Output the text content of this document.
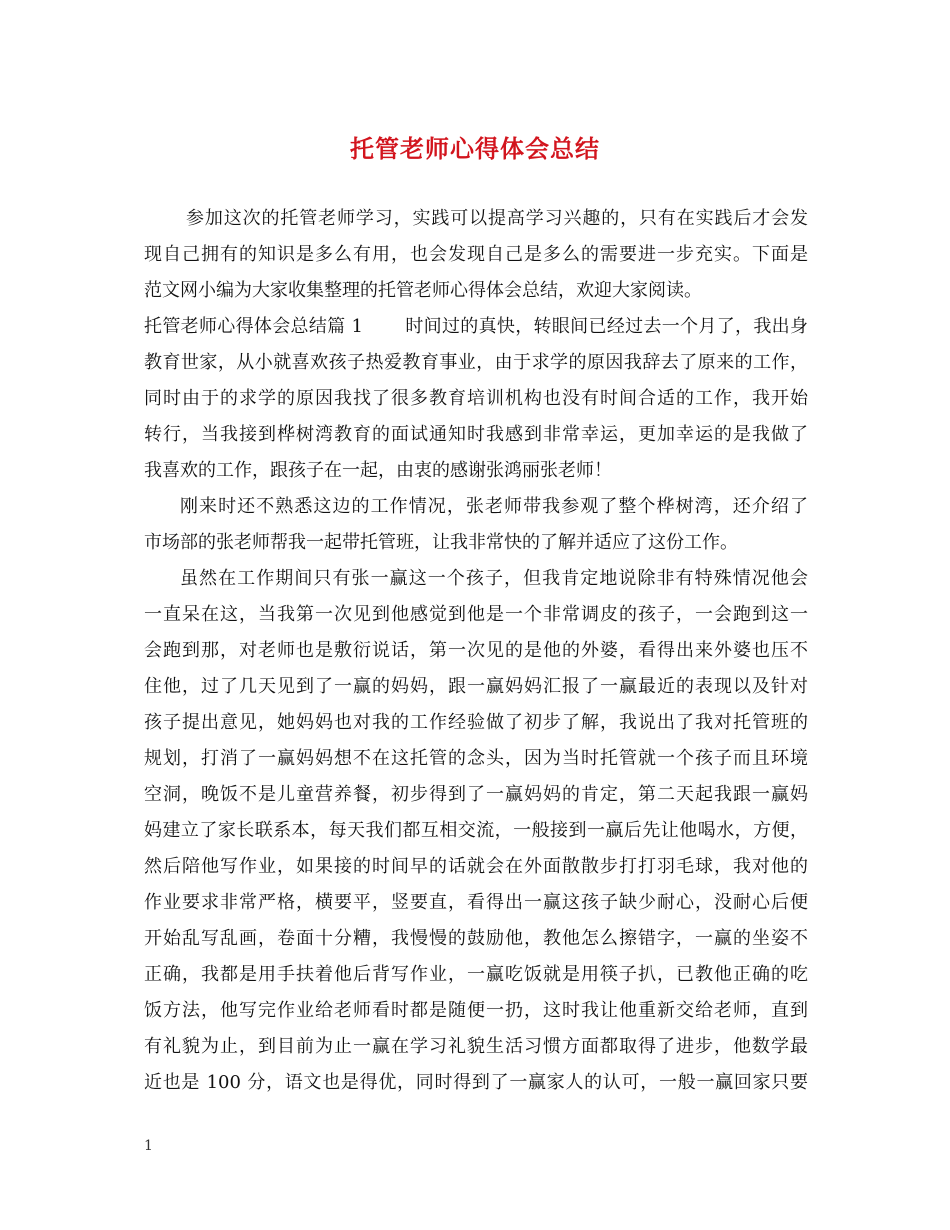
托管老师心得体会总结
参加这次的托管老师学习，实践可以提高学习兴趣的，只有在实践后才会发
现自己拥有的知识是多么有用，也会发现自己是多么的需要进一步充实。下面是
范文网小编为大家收集整理的托管老师心得体会总结，欢迎大家阅读。
托管老师心得体会总结篇 1 时间过的真快，转眼间已经过去一个月了，我出身
教育世家，从小就喜欢孩子热爱教育事业，由于求学的原因我辞去了原来的工作，
同时由于的求学的原因我找了很多教育培训机构也没有时间合适的工作，我开始
转行，当我接到桦树湾教育的面试通知时我感到非常幸运，更加幸运的是我做了
我喜欢的工作，跟孩子在一起，由衷的感谢张鸿丽张老师！
刚来时还不熟悉这边的工作情况，张老师带我参观了整个桦树湾，还介绍了
市场部的张老师帮我一起带托管班，让我非常快的了解并适应了这份工作。
虽然在工作期间只有张一赢这一个孩子，但我肯定地说除非有特殊情况他会
一直呆在这，当我第一次见到他感觉到他是一个非常调皮的孩子，一会跑到这一
会跑到那，对老师也是敷衍说话，第一次见的是他的外婆，看得出来外婆也压不
住他，过了几天见到了一赢的妈妈，跟一赢妈妈汇报了一赢最近的表现以及针对
孩子提出意见，她妈妈也对我的工作经验做了初步了解，我说出了我对托管班的
规划，打消了一赢妈妈想不在这托管的念头，因为当时托管就一个孩子而且环境
空洞，晚饭不是儿童营养餐，初步得到了一赢妈妈的肯定，第二天起我跟一赢妈
妈建立了家长联系本，每天我们都互相交流，一般接到一赢后先让他喝水，方便，
然后陪他写作业，如果接的时间早的话就会在外面散散步打打羽毛球，我对他的
作业要求非常严格，横要平，竖要直，看得出一赢这孩子缺少耐心，没耐心后便
开始乱写乱画，卷面十分糟，我慢慢的鼓励他，教他怎么擦错字，一赢的坐姿不
正确，我都是用手扶着他后背写作业，一赢吃饭就是用筷子扒，已教他正确的吃
饭方法，他写完作业给老师看时都是随便一扔，这时我让他重新交给老师，直到
有礼貌为止，到目前为止一赢在学习礼貌生活习惯方面都取得了进步，他数学最
近也是 100 分，语文也是得优，同时得到了一赢家人的认可，一般一赢回家只要
1
